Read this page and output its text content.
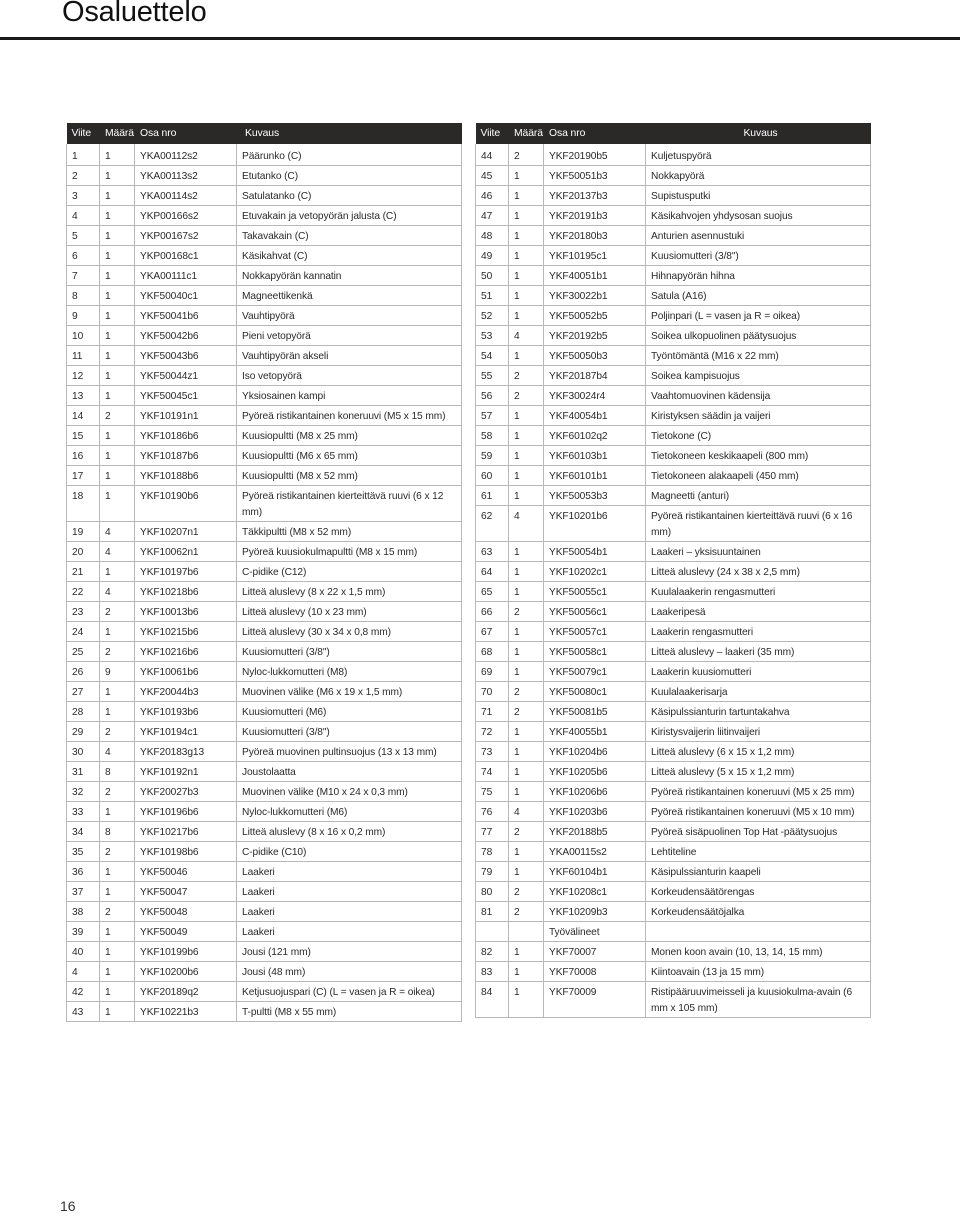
Osaluettelo
Viite	Määrä	Osa nro	Kuvaus
1	1	YKA00112s2	Päärunko (C)
2	1	YKA00113s2	Etutanko (C)
3	1	YKA00114s2	Satulatanko (C)
4	1	YKP00166s2	Etuvakain ja vetopyörän jalusta (C)
5	1	YKP00167s2	Takavakain (C)
6	1	YKP00168c1	Käsikahvat (C)
7	1	YKA00111c1	Nokkapyörän kannatin
8	1	YKF50040c1	Magneettikenkä
9	1	YKF50041b6	Vauhtipyörä
10	1	YKF50042b6	Pieni vetopyörä
11	1	YKF50043b6	Vauhtipyörän akseli
12	1	YKF50044z1	Iso vetopyörä
13	1	YKF50045c1	Yksiosainen kampi
14	2	YKF10191n1	Pyöreä ristikantainen koneruuvi (M5 x 15 mm)
15	1	YKF10186b6	Kuusiopultti (M8 x 25 mm)
16	1	YKF10187b6	Kuusiopultti (M6 x 65 mm)
17	1	YKF10188b6	Kuusiopultti (M8 x 52 mm)
18	1	YKF10190b6	Pyöreä ristikantainen kierteittävä ruuvi (6 x 12 mm)
19	4	YKF10207n1	Täkkipultti (M8 x 52 mm)
20	4	YKF10062n1	Pyöreä kuusiokulmapultti (M8 x 15 mm)
21	1	YKF10197b6	C-pidike (C12)
22	4	YKF10218b6	Litteä aluslevy (8 x 22 x 1,5 mm)
23	2	YKF10013b6	Litteä aluslevy (10 x 23 mm)
24	1	YKF10215b6	Litteä aluslevy (30 x 34 x 0,8 mm)
25	2	YKF10216b6	Kuusiomutteri (3/8")
26	9	YKF10061b6	Nyloc-lukkomutteri (M8)
27	1	YKF20044b3	Muovinen välike (M6 x 19 x 1,5 mm)
28	1	YKF10193b6	Kuusiomutteri (M6)
29	2	YKF10194c1	Kuusiomutteri (3/8")
30	4	YKF20183g13	Pyöreä muovinen pultinsuojus (13 x 13 mm)
31	8	YKF10192n1	Joustolaatta
32	2	YKF20027b3	Muovinen välike (M10 x 24 x 0,3 mm)
33	1	YKF10196b6	Nyloc-lukkomutteri (M6)
34	8	YKF10217b6	Litteä aluslevy (8 x 16 x 0,2 mm)
35	2	YKF10198b6	C-pidike (C10)
36	1	YKF50046	Laakeri
37	1	YKF50047	Laakeri
38	2	YKF50048	Laakeri
39	1	YKF50049	Laakeri
40	1	YKF10199b6	Jousi (121 mm)
4	1	YKF10200b6	Jousi (48 mm)
42	1	YKF20189q2	Ketjusuojuspari (C) (L = vasen ja R = oikea)
43	1	YKF10221b3	T-pultti (M8 x 55 mm)
Viite	Määrä	Osa nro	Kuvaus
44	2	YKF20190b5	Kuljetuspyörä
45	1	YKF50051b3	Nokkapyörä
46	1	YKF20137b3	Supistusputki
47	1	YKF20191b3	Käsikahvojen yhdysosan suojus
48	1	YKF20180b3	Anturien asennustuki
49	1	YKF10195c1	Kuusiomutteri (3/8")
50	1	YKF40051b1	Hihnapyörän hihna
51	1	YKF30022b1	Satula (A16)
52	1	YKF50052b5	Poljinpari (L = vasen ja R = oikea)
53	4	YKF20192b5	Soikea ulkopuolinen päätysuojus
54	1	YKF50050b3	Työntömäntä (M16 x 22 mm)
55	2	YKF20187b4	Soikea kampisuojus
56	2	YKF30024r4	Vaahtomuovinen kädensija
57	1	YKF40054b1	Kiristyksen säädin ja vaijeri
58	1	YKF60102q2	Tietokone (C)
59	1	YKF60103b1	Tietokoneen keskikaapeli (800 mm)
60	1	YKF60101b1	Tietokoneen alakaapeli (450 mm)
61	1	YKF50053b3	Magneetti (anturi)
62	4	YKF10201b6	Pyöreä ristikantainen kierteittävä ruuvi (6 x 16 mm)
63	1	YKF50054b1	Laakeri – yksisuuntainen
64	1	YKF10202c1	Litteä aluslevy (24 x 38 x 2,5 mm)
65	1	YKF50055c1	Kuulalaakerin rengasmutteri
66	2	YKF50056c1	Laakeripesä
67	1	YKF50057c1	Laakerin rengasmutteri
68	1	YKF50058c1	Litteä aluslevy – laakeri (35 mm)
69	1	YKF50079c1	Laakerin kuusiomutteri
70	2	YKF50080c1	Kuulalaakerisarja
71	2	YKF50081b5	Käsipulssianturin tartuntakahva
72	1	YKF40055b1	Kiristysvaijerin liitinvaijeri
73	1	YKF10204b6	Litteä aluslevy (6 x 15 x 1,2 mm)
74	1	YKF10205b6	Litteä aluslevy (5 x 15 x 1,2 mm)
75	1	YKF10206b6	Pyöreä ristikantainen koneruuvi (M5 x 25 mm)
76	4	YKF10203b6	Pyöreä ristikantainen koneruuvi (M5 x 10 mm)
77	2	YKF20188b5	Pyöreä sisäpuolinen Top Hat -päätysuojus
78	1	YKA00115s2	Lehtiteline
79	1	YKF60104b1	Käsipulssianturin kaapeli
80	2	YKF10208c1	Korkeudensäätörengas
81	2	YKF10209b3	Korkeudensäätöjalka
		Työvälineet	
82	1	YKF70007	Monen koon avain (10, 13, 14, 15 mm)
83	1	YKF70008	Kiintoavain (13 ja 15 mm)
84	1	YKF70009	Ristipääruuvimeisseli ja kuusiokulma-avain (6 mm x 105 mm)
16
